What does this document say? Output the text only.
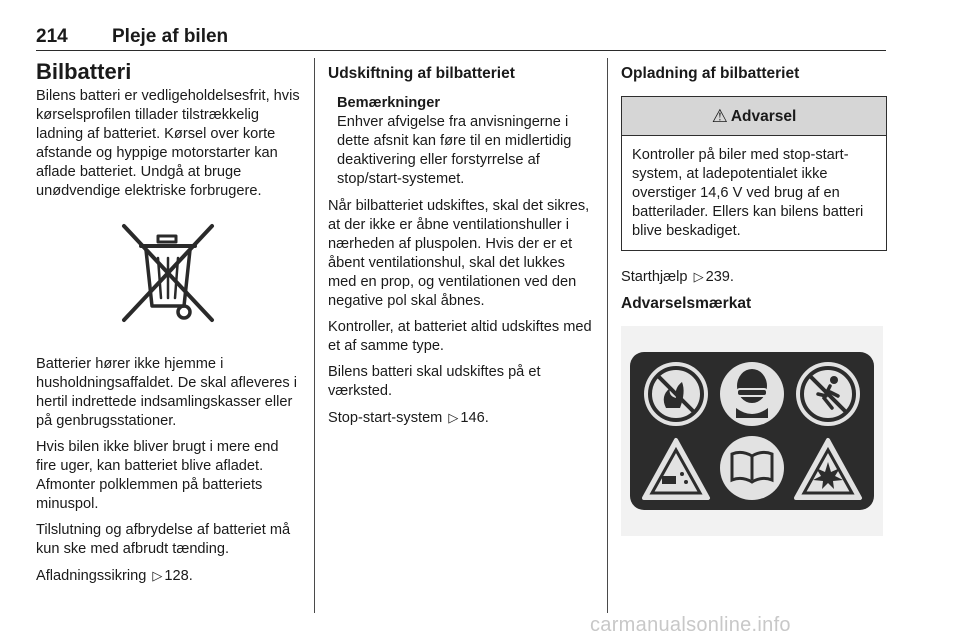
214 Pleje af bilen
Bilbatteri

Bilens batteri er vedligeholdelsesfrit, hvis kørselsprofilen tillader tilstrækkelig ladning af batteriet. Kørsel over korte afstande og hyppige motorstarter kan aflade batteriet. Undgå at bruge unødvendige elektriske forbrugere.

Batterier hører ikke hjemme i husholdningsaffaldet. De skal afleveres i hertil indrettede indsamlingskasser eller på genbrugsstationer.

Hvis bilen ikke bliver brugt i mere end fire uger, kan batteriet blive afladet. Afmonter polklemmen på batteriets minuspol.

Tilslutning og afbrydelse af batteriet må kun ske med afbrudt tænding.

Afladningssikring ▷ 128.

Udskiftning af bilbatteriet
Bemærkninger
Enhver afvigelse fra anvisningerne i dette afsnit kan føre til en midlertidig deaktivering eller forstyrrelse af stop/start-systemet.

Når bilbatteriet udskiftes, skal det sikres, at der ikke er åbne ventilationshuller i nærheden af pluspolen. Hvis der er et åbent ventilationshul, skal det lukkes med en prop, og ventilationen ved den negative pol skal åbnes.

Kontroller, at batteriet altid udskiftes med et af samme type.

Bilens batteri skal udskiftes på et værksted.

Stop-start-system ▷ 146.

Opladning af bilbatteriet
⚠ Advarsel
Kontroller på biler med stop-start-system, at ladepotentialet ikke overstiger 14,6 V ved brug af en batterilader. Ellers kan bilens batteri blive beskadiget.

Starthjælp ▷ 239.

Advarselsmærkat
carmanualsonline.info
